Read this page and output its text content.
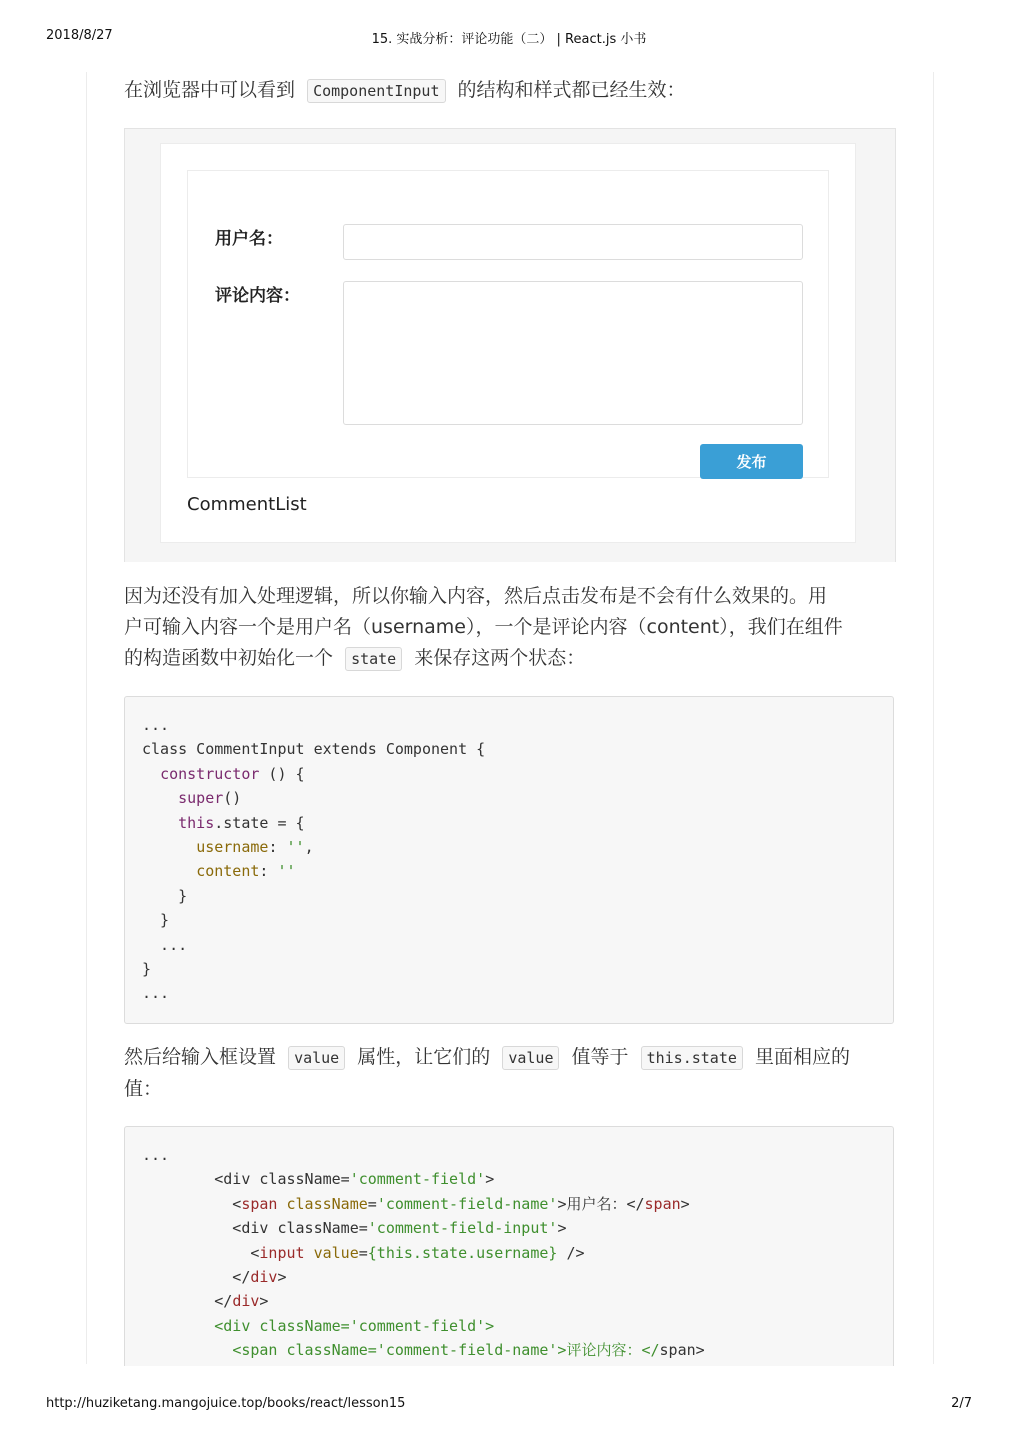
2018/8/27	15. 实战分析：评论功能（二） | React.js 小书

在浏览器中可以看到 ComponentInput 的结构和样式都已经生效：

用户名：
评论内容：
发布
CommentList

因为还没有加入处理逻辑，所以你输入内容，然后点击发布是不会有什么效果的。用

户可输入内容一个是用户名（username），一个是评论内容（content），我们在组件

的构造函数中初始化一个 state 来保存这两个状态：

...
class CommentInput extends Component {
constructor () {
super()
this.state = {
username: '',
content: ''
}
}
...
}
...

然后给输入框设置 value 属性，让它们的 value 值等于 this.state 里面相应的

值：

...
<div className='comment-field'>
<span className='comment-field-name'>用户名：</span>
<div className='comment-field-input'>
<input value={this.state.username} />
</div>
</div>
<div className='comment-field'>
<span className='comment-field-name'>评论内容：</span>
http://huziketang.mangojuice.top/books/react/lesson15	2/7
